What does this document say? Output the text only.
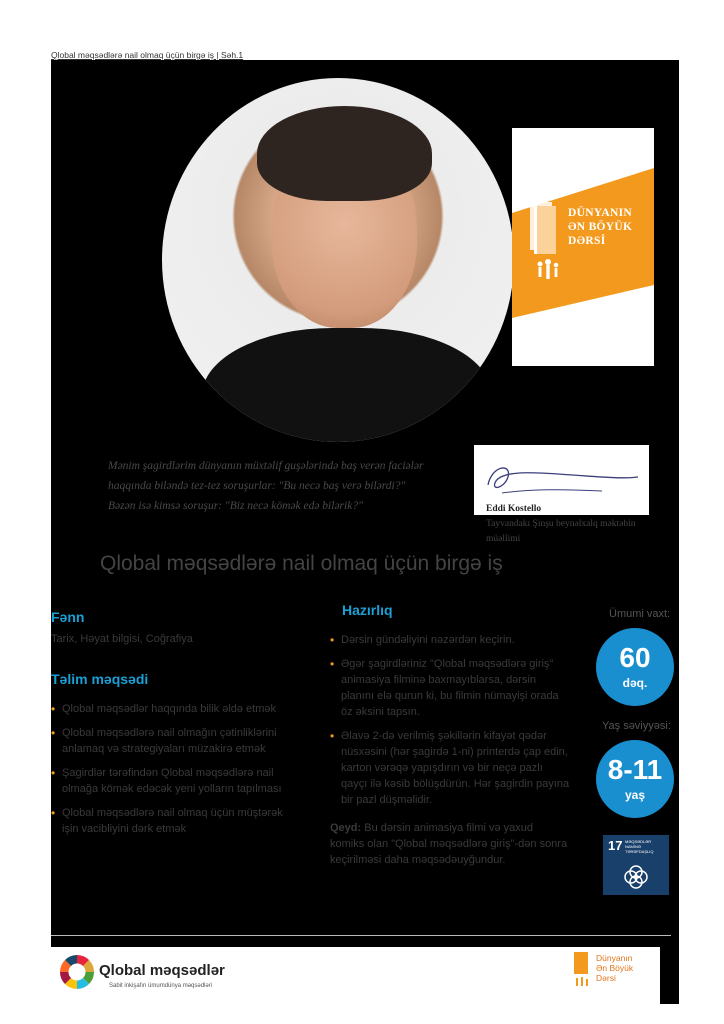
Qlobal məqsədlərə nail olmaq üçün birgə iş | Səh.1
DÜNYANIN
ƏN BÖYÜK
DƏRSİ
Mənim şagirdlərim dünyanın müxtəlif guşələrində baş verən faciələr haqqında biləndə tez-tez soruşurlar: "Bu necə baş verə bilərdi?" Bəzən isə kimsə soruşur: "Biz necə kömək edə bilərik?"	Eddi Kostello
Tayvandakı Şinşu beynəlxalq məktəbin müəllimi
Qlobal məqsədlərə nail olmaq üçün birgə iş
Fənn
Tarix, Həyat bilgisi, Coğrafiya
Təlim məqsədi
• Qlobal məqsədlər haqqında bilik əldə etmək
• Qlobal məqsədlərə nail olmağın çətinliklərini anlamaq və strategiyaları müzakirə etmək
• Şagirdlər tərəfindən Qlobal məqsədlərə nail olmağa kömək edəcək yeni yolların tapılması
• Qlobal məqsədlərə nail olmaq üçün müştərək işin vacibliyini dərk etmək
Hazırlıq
• Dərsin gündəliyini nəzərdən keçirin.
• Əgər şagirdləriniz "Qlobal məqsədlərə giriş" animasiya filminə baxmayıblarsa, dərsin planını elə qurun ki, bu filmin nümayişi orada öz əksini tapsın.
• Əlavə 2-də verilmiş şəkillərin kifayət qədər nüsxəsini (hər şagirdə 1-ni) printerdə çap edin, karton vərəqə yapışdırın və bir neçə pazlı qayçı ilə kəsib bölüşdürün. Hər şagirdin payına bir pazl düşməlidir.
Qeyd: Bu dərsin animasiya filmi və yaxud komiks olan "Qlobal məqsədlərə giriş"-dən sonra keçirilməsi daha məqsədəuyğundur.
Ümumi vaxt:
60
dəq.
Yaş səviyyəsi:
8-11
yaş
17 MƏQSƏDLƏR NAMİNƏ TƏRƏFDAŞLIQ
Qlobal məqsədlər
Sabit inkişafın ümumdünya məqsədləri
Dünyanın
Ən Böyük
Dərsi
